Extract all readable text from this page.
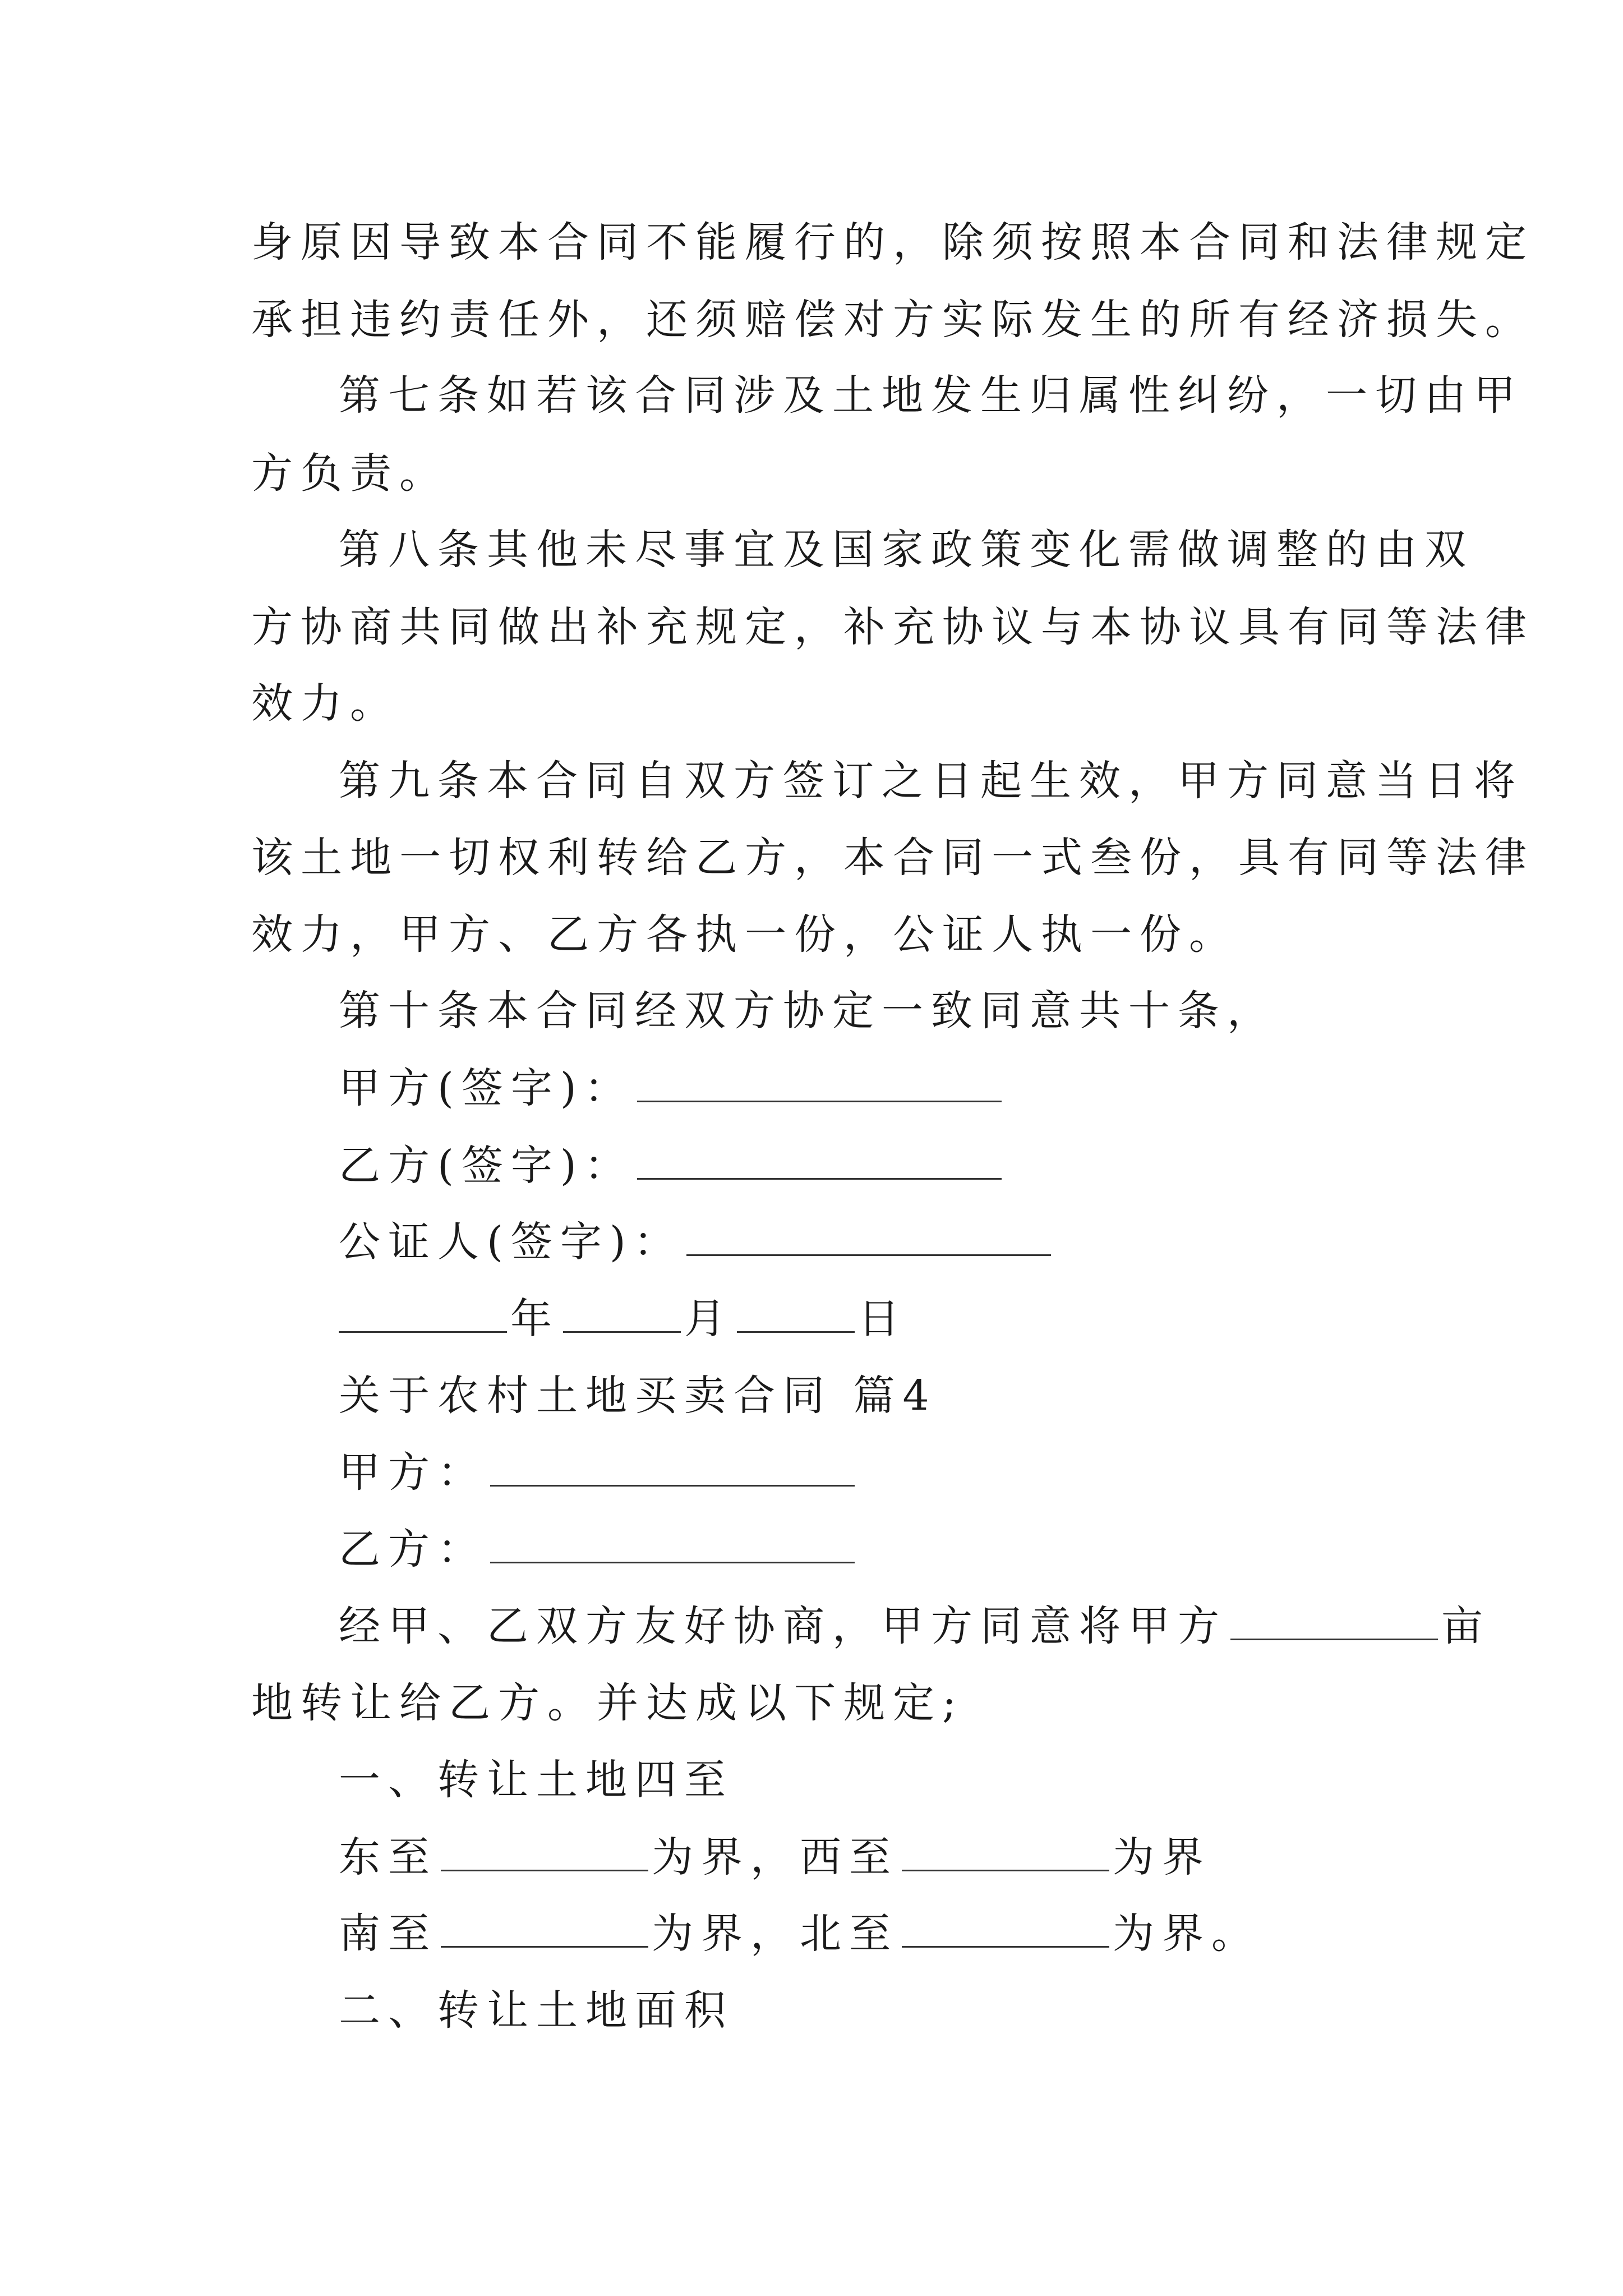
身原因导致本合同不能履行的，除须按照本合同和法律规定
承担违约责任外，还须赔偿对方实际发生的所有经济损失。
第七条如若该合同涉及土地发生归属性纠纷，一切由甲
方负责。
第八条其他未尽事宜及国家政策变化需做调整的由双
方协商共同做出补充规定，补充协议与本协议具有同等法律
效力。
第九条本合同自双方签订之日起生效，甲方同意当日将
该土地一切权利转给乙方，本合同一式叁份，具有同等法律
效力，甲方、乙方各执一份，公证人执一份。
第十条本合同经双方协定一致同意共十条，
甲方(签字)：
乙方(签字)：
公证人(签字)：
年	月	日
关于农村土地买卖合同 篇4
甲方：
乙方：
经甲、乙双方友好协商，甲方同意将甲方	亩
地转让给乙方。并达成以下规定;
一、转让土地四至
东至	为界，西至	为界
南至	为界，北至	为界。
二、转让土地面积
